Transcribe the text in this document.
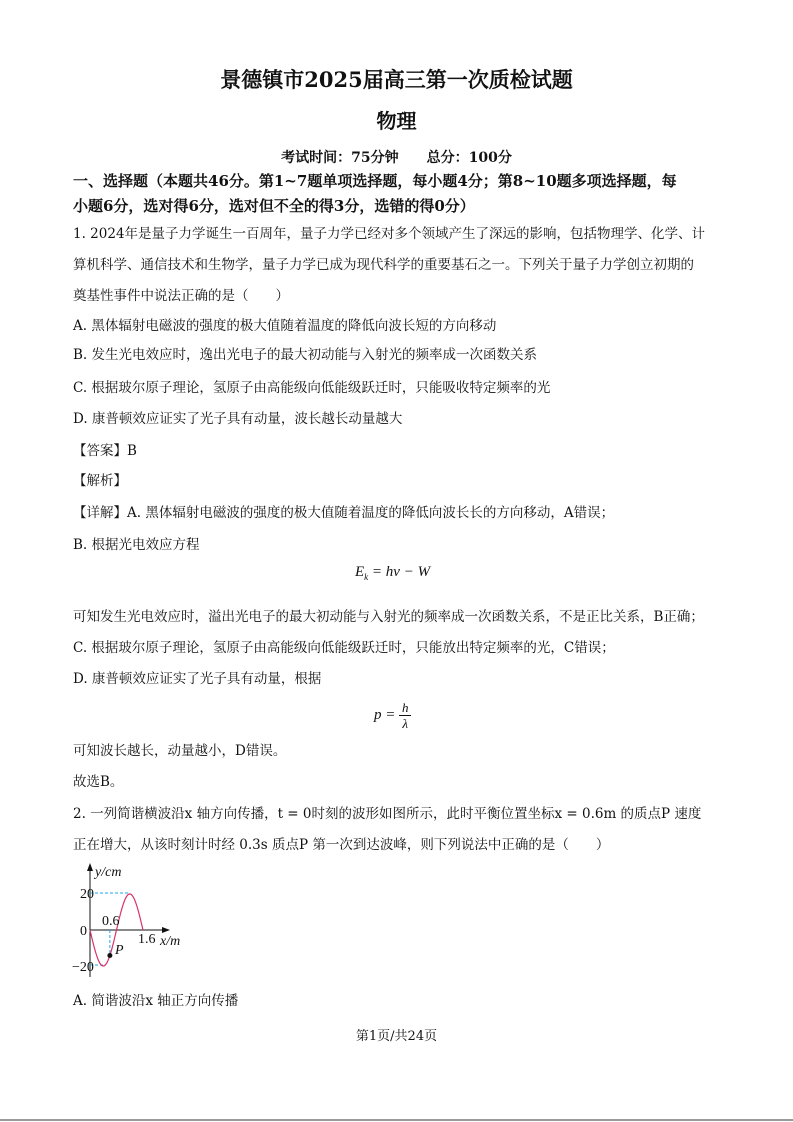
景德镇市2025届高三第一次质检试题
物理
考试时间：75分钟　　总分：100分
一、选择题（本题共46分。第1~7题单项选择题，每小题4分；第8~10题多项选择题，每
小题6分，选对得6分，选对但不全的得3分，选错的得0分）
1. 2024年是量子力学诞生一百周年，量子力学已经对多个领域产生了深远的影响，包括物理学、化学、计
算机科学、通信技术和生物学，量子力学已成为现代科学的重要基石之一。下列关于量子力学创立初期的
奠基性事件中说法正确的是（　　）
A. 黑体辐射电磁波的强度的极大值随着温度的降低向波长短的方向移动
B. 发生光电效应时，逸出光电子的最大初动能与入射光的频率成一次函数关系
C. 根据玻尔原子理论，氢原子由高能级向低能级跃迁时，只能吸收特定频率的光
D. 康普顿效应证实了光子具有动量，波长越长动量越大
【答案】B
【解析】
【详解】A. 黑体辐射电磁波的强度的极大值随着温度的降低向波长长的方向移动，A错误；
B. 根据光电效应方程
$E_k = h\nu - W$
可知发生光电效应时，溢出光电子的最大初动能与入射光的频率成一次函数关系，不是正比关系，B正确；
C. 根据玻尔原子理论，氢原子由高能级向低能级跃迁时，只能放出特定频率的光，C错误；
D. 康普顿效应证实了光子具有动量，根据
$p = \frac{h}{\lambda}$
可知波长越长，动量越小，D错误。
故选B。
2. 一列简谐横波沿x 轴方向传播，t = 0时刻的波形如图所示，此时平衡位置坐标x = 0.6m 的质点P 速度
正在增大，从该时刻计时经 0.3s 质点P 第一次到达波峰，则下列说法中正确的是（　　）
y/cm
20
0
−20
0.6
1.6 x/m
P
A. 简谐波沿x 轴正方向传播
第1页/共24页
